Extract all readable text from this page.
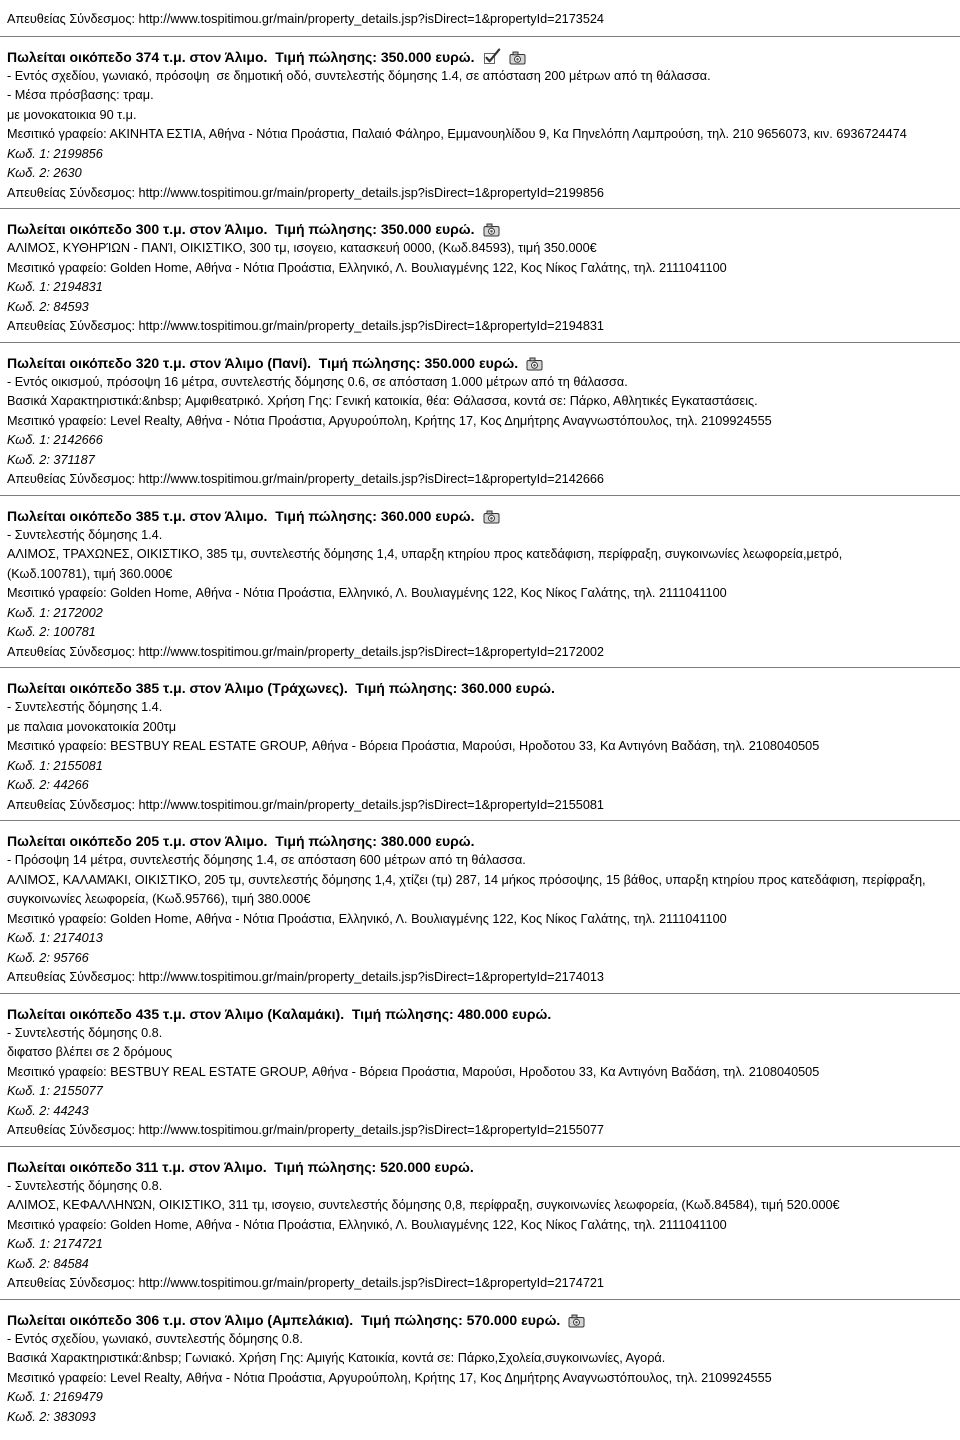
Απευθείας Σύνδεσμος: http://www.tospitimou.gr/main/property_details.jsp?isDirect=1&propertyId=2173524
Πωλείται οικόπεδο 374 τ.μ. στον Άλιμο.  Τιμή πώλησης: 350.000 ευρώ.
- Εντός σχεδίου, γωνιακό, πρόσοψη  σε δημοτική οδό, συντελεστής δόμησης 1.4, σε απόσταση 200 μέτρων από τη θάλασσα.
- Μέσα πρόσβασης: τραμ.
με μονοκατοικια 90 τ.μ.
Μεσιτικό γραφείο: ΑΚΙΝΗΤΑ ΕΣΤΙΑ, Αθήνα - Νότια Προάστια, Παλαιό Φάληρο, Εμμανουηλίδου 9, Κα Πηνελόπη Λαμπρούση, τηλ. 210 9656073, κιν. 6936724474
Κωδ. 1: 2199856
Κωδ. 2: 2630
Απευθείας Σύνδεσμος: http://www.tospitimou.gr/main/property_details.jsp?isDirect=1&propertyId=2199856
Πωλείται οικόπεδο 300 τ.μ. στον Άλιμο.  Τιμή πώλησης: 350.000 ευρώ.
ΑΛΙΜΟΣ, ΚΥΘΗΡΊΩΝ - ΠΑΝΊ, ΟΙΚΙΣΤΙΚΟ, 300 τμ, ισογειο, κατασκευή 0000, (Κωδ.84593), τιμή 350.000€
Μεσιτικό γραφείο: Golden Home, Αθήνα - Νότια Προάστια, Ελληνικό, Λ. Βουλιαγμένης 122, Κος Νίκος Γαλάτης, τηλ. 2111041100
Κωδ. 1: 2194831
Κωδ. 2: 84593
Απευθείας Σύνδεσμος: http://www.tospitimou.gr/main/property_details.jsp?isDirect=1&propertyId=2194831
Πωλείται οικόπεδο 320 τ.μ. στον Άλιμο (Πανί).  Τιμή πώλησης: 350.000 ευρώ.
- Εντός οικισμού, πρόσοψη 16 μέτρα, συντελεστής δόμησης 0.6, σε απόσταση 1.000 μέτρων από τη θάλασσα.
Βασικά Χαρακτηριστικά:&nbsp; Αμφιθεατρικό. Χρήση Γης: Γενική κατοικία, θέα: Θάλασσα, κοντά σε: Πάρκο, Αθλητικές Εγκαταστάσεις.
Μεσιτικό γραφείο: Level Realty, Αθήνα - Νότια Προάστια, Αργυρούπολη, Κρήτης 17, Κος Δημήτρης Αναγνωστόπουλος, τηλ. 2109924555
Κωδ. 1: 2142666
Κωδ. 2: 371187
Απευθείας Σύνδεσμος: http://www.tospitimou.gr/main/property_details.jsp?isDirect=1&propertyId=2142666
Πωλείται οικόπεδο 385 τ.μ. στον Άλιμο.  Τιμή πώλησης: 360.000 ευρώ.
- Συντελεστής δόμησης 1.4.
ΑΛΙΜΟΣ, ΤΡΑΧΩΝΕΣ, ΟΙΚΙΣΤΙΚΟ, 385 τμ, συντελεστής δόμησης 1,4, υπαρξη κτηρίου προς κατεδάφιση, περίφραξη, συγκοινωνίες λεωφορεία,μετρό,
(Κωδ.100781), τιμή 360.000€
Μεσιτικό γραφείο: Golden Home, Αθήνα - Νότια Προάστια, Ελληνικό, Λ. Βουλιαγμένης 122, Κος Νίκος Γαλάτης, τηλ. 2111041100
Κωδ. 1: 2172002
Κωδ. 2: 100781
Απευθείας Σύνδεσμος: http://www.tospitimou.gr/main/property_details.jsp?isDirect=1&propertyId=2172002
Πωλείται οικόπεδο 385 τ.μ. στον Άλιμο (Τράχωνες).  Τιμή πώλησης: 360.000 ευρώ.
- Συντελεστής δόμησης 1.4.
με παλαια μονοκατοικία 200τμ
Μεσιτικό γραφείο: BESTBUY REAL ESTATE GROUP, Αθήνα - Βόρεια Προάστια, Μαρούσι, Ηροδοτου 33, Κα Αντιγόνη Βαδάση, τηλ. 2108040505
Κωδ. 1: 2155081
Κωδ. 2: 44266
Απευθείας Σύνδεσμος: http://www.tospitimou.gr/main/property_details.jsp?isDirect=1&propertyId=2155081
Πωλείται οικόπεδο 205 τ.μ. στον Άλιμο.  Τιμή πώλησης: 380.000 ευρώ.
- Πρόσοψη 14 μέτρα, συντελεστής δόμησης 1.4, σε απόσταση 600 μέτρων από τη θάλασσα.
ΑΛΙΜΟΣ, ΚΑΛΑΜΆΚΙ, ΟΙΚΙΣΤΙΚΟ, 205 τμ, συντελεστής δόμησης 1,4, χτίζει (τμ) 287, 14 μήκος πρόσοψης, 15 βάθος, υπαρξη κτηρίου προς κατεδάφιση, περίφραξη,
συγκοινωνίες λεωφορεία, (Κωδ.95766), τιμή 380.000€
Μεσιτικό γραφείο: Golden Home, Αθήνα - Νότια Προάστια, Ελληνικό, Λ. Βουλιαγμένης 122, Κος Νίκος Γαλάτης, τηλ. 2111041100
Κωδ. 1: 2174013
Κωδ. 2: 95766
Απευθείας Σύνδεσμος: http://www.tospitimou.gr/main/property_details.jsp?isDirect=1&propertyId=2174013
Πωλείται οικόπεδο 435 τ.μ. στον Άλιμο (Καλαμάκι).  Τιμή πώλησης: 480.000 ευρώ.
- Συντελεστής δόμησης 0.8.
διφατσο βλέπει σε 2 δρόμους
Μεσιτικό γραφείο: BESTBUY REAL ESTATE GROUP, Αθήνα - Βόρεια Προάστια, Μαρούσι, Ηροδοτου 33, Κα Αντιγόνη Βαδάση, τηλ. 2108040505
Κωδ. 1: 2155077
Κωδ. 2: 44243
Απευθείας Σύνδεσμος: http://www.tospitimou.gr/main/property_details.jsp?isDirect=1&propertyId=2155077
Πωλείται οικόπεδο 311 τ.μ. στον Άλιμο.  Τιμή πώλησης: 520.000 ευρώ.
- Συντελεστής δόμησης 0.8.
ΑΛΙΜΟΣ, ΚΕΦΑΛΛΗΝΏΝ, ΟΙΚΙΣΤΙΚΟ, 311 τμ, ισογειο, συντελεστής δόμησης 0,8, περίφραξη, συγκοινωνίες λεωφορεία, (Κωδ.84584), τιμή 520.000€
Μεσιτικό γραφείο: Golden Home, Αθήνα - Νότια Προάστια, Ελληνικό, Λ. Βουλιαγμένης 122, Κος Νίκος Γαλάτης, τηλ. 2111041100
Κωδ. 1: 2174721
Κωδ. 2: 84584
Απευθείας Σύνδεσμος: http://www.tospitimou.gr/main/property_details.jsp?isDirect=1&propertyId=2174721
Πωλείται οικόπεδο 306 τ.μ. στον Άλιμο (Αμπελάκια).  Τιμή πώλησης: 570.000 ευρώ.
- Εντός σχεδίου, γωνιακό, συντελεστής δόμησης 0.8.
Βασικά Χαρακτηριστικά:&nbsp; Γωνιακό. Χρήση Γης: Αμιγής Κατοικία, κοντά σε: Πάρκο,Σχολεία,συγκοινωνίες, Αγορά.
Μεσιτικό γραφείο: Level Realty, Αθήνα - Νότια Προάστια, Αργυρούπολη, Κρήτης 17, Κος Δημήτρης Αναγνωστόπουλος, τηλ. 2109924555
Κωδ. 1: 2169479
Κωδ. 2: 383093
